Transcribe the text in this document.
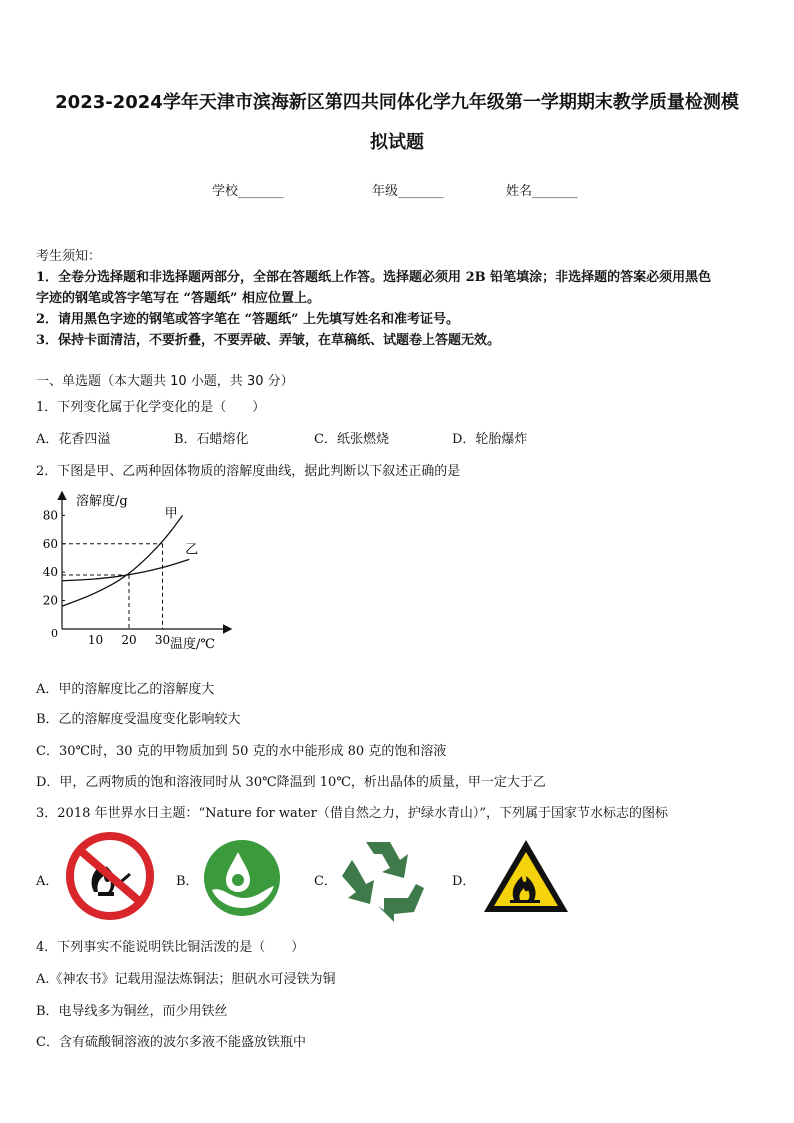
2023-2024学年天津市滨海新区第四共同体化学九年级第一学期期末教学质量检测模
拟试题
学校_______	年级_______	姓名_______
考生须知：
1．全卷分选择题和非选择题两部分，全部在答题纸上作答。选择题必须用 2B 铅笔填涂；非选择题的答案必须用黑色
字迹的钢笔或答字笔写在 “答题纸” 相应位置上。
2．请用黑色字迹的钢笔或答字笔在 “答题纸” 上先填写姓名和准考证号。
3．保持卡面清洁，不要折叠，不要弄破、弄皱，在草稿纸、试题卷上答题无效。
一、单选题（本大题共 10 小题，共 30 分）
1．下列变化属于化学变化的是（　　）
A．花香四溢	B．石蜡熔化	C．纸张燃烧	D．轮胎爆炸
2．下图是甲、乙两种固体物质的溶解度曲线，据此判断以下叙述正确的是
20
40
60
80
10 20 30
0
溶解度/g
温度/℃
甲
乙
A．甲的溶解度比乙的溶解度大
B．乙的溶解度受温度变化影响较大
C．30℃时，30 克的甲物质加到 50 克的水中能形成 80 克的饱和溶液
D．甲，乙两物质的饱和溶液同时从 30℃降温到 10℃，析出晶体的质量，甲一定大于乙
3．2018 年世界水日主题：“Nature for water（借自然之力，护绿水青山）”，下列属于国家节水标志的图标
A．	B．	C．	D．
4．下列事实不能说明铁比铜活泼的是（　　）
A.《神农书》记载用湿法炼铜法；胆矾水可浸铁为铜
B．电导线多为铜丝，而少用铁丝
C．含有硫酸铜溶液的波尔多液不能盛放铁瓶中
